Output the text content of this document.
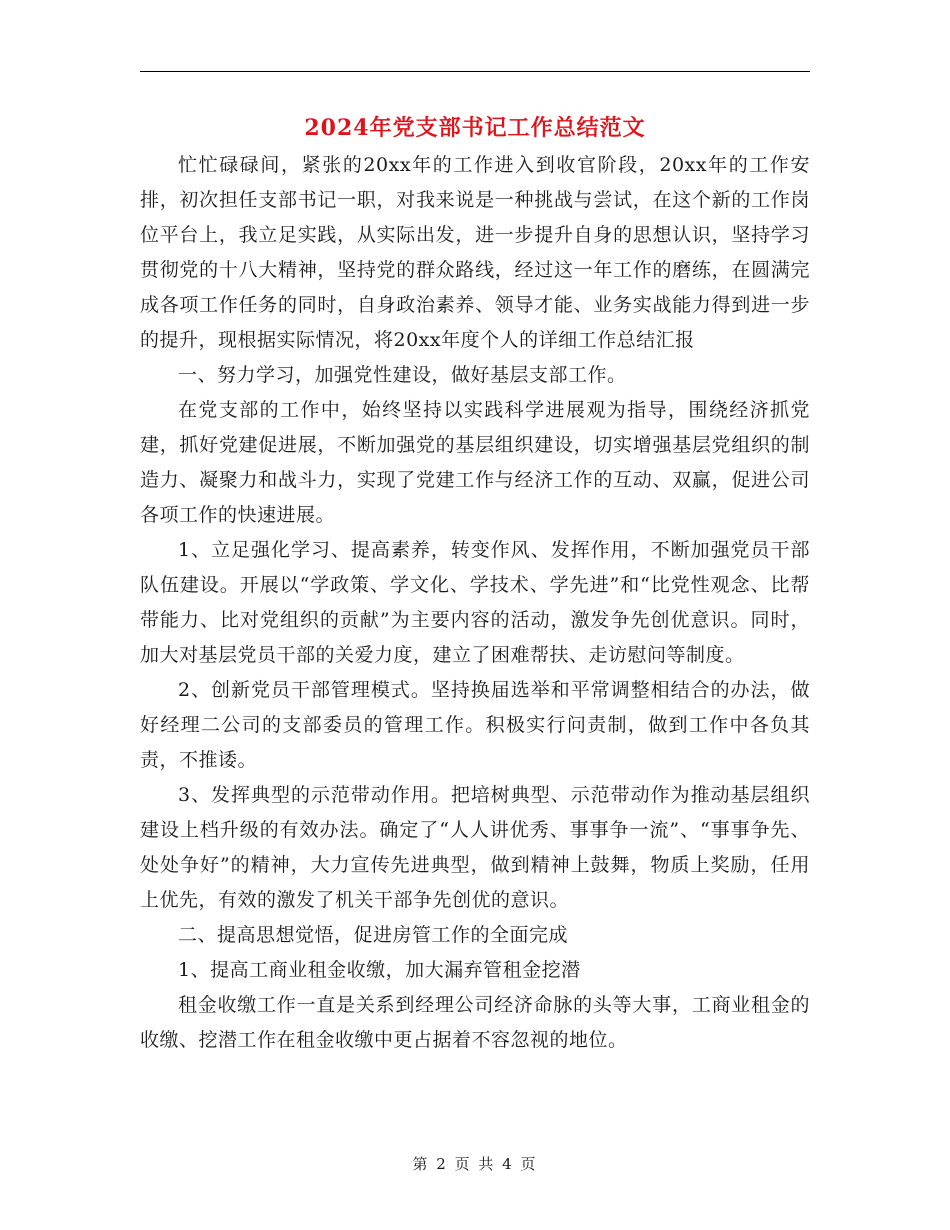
2024年党支部书记工作总结范文

忙忙碌碌间，紧张的20xx年的工作进入到收官阶段，20xx年的工作安排，初次担任支部书记一职，对我来说是一种挑战与尝试，在这个新的工作岗位平台上，我立足实践，从实际出发，进一步提升自身的思想认识，坚持学习贯彻党的十八大精神，坚持党的群众路线，经过这一年工作的磨练，在圆满完成各项工作任务的同时，自身政治素养、领导才能、业务实战能力得到进一步的提升，现根据实际情况，将20xx年度个人的详细工作总结汇报

一、努力学习，加强党性建设，做好基层支部工作。

在党支部的工作中，始终坚持以实践科学进展观为指导，围绕经济抓党建，抓好党建促进展，不断加强党的基层组织建设，切实增强基层党组织的制造力、凝聚力和战斗力，实现了党建工作与经济工作的互动、双赢，促进公司各项工作的快速进展。

1、立足强化学习、提高素养，转变作风、发挥作用，不断加强党员干部队伍建设。开展以“学政策、学文化、学技术、学先进”和“比党性观念、比帮带能力、比对党组织的贡献”为主要内容的活动，激发争先创优意识。同时，加大对基层党员干部的关爱力度，建立了困难帮扶、走访慰问等制度。

2、创新党员干部管理模式。坚持换届选举和平常调整相结合的办法，做好经理二公司的支部委员的管理工作。积极实行问责制，做到工作中各负其责，不推诿。

3、发挥典型的示范带动作用。把培树典型、示范带动作为推动基层组织建设上档升级的有效办法。确定了“人人讲优秀、事事争一流”、“事事争先、处处争好”的精神，大力宣传先进典型，做到精神上鼓舞，物质上奖励，任用上优先，有效的激发了机关干部争先创优的意识。

二、提高思想觉悟，促进房管工作的全面完成

1、提高工商业租金收缴，加大漏弃管租金挖潜

租金收缴工作一直是关系到经理公司经济命脉的头等大事，工商业租金的收缴、挖潜工作在租金收缴中更占据着不容忽视的地位。

第 2 页 共 4 页
